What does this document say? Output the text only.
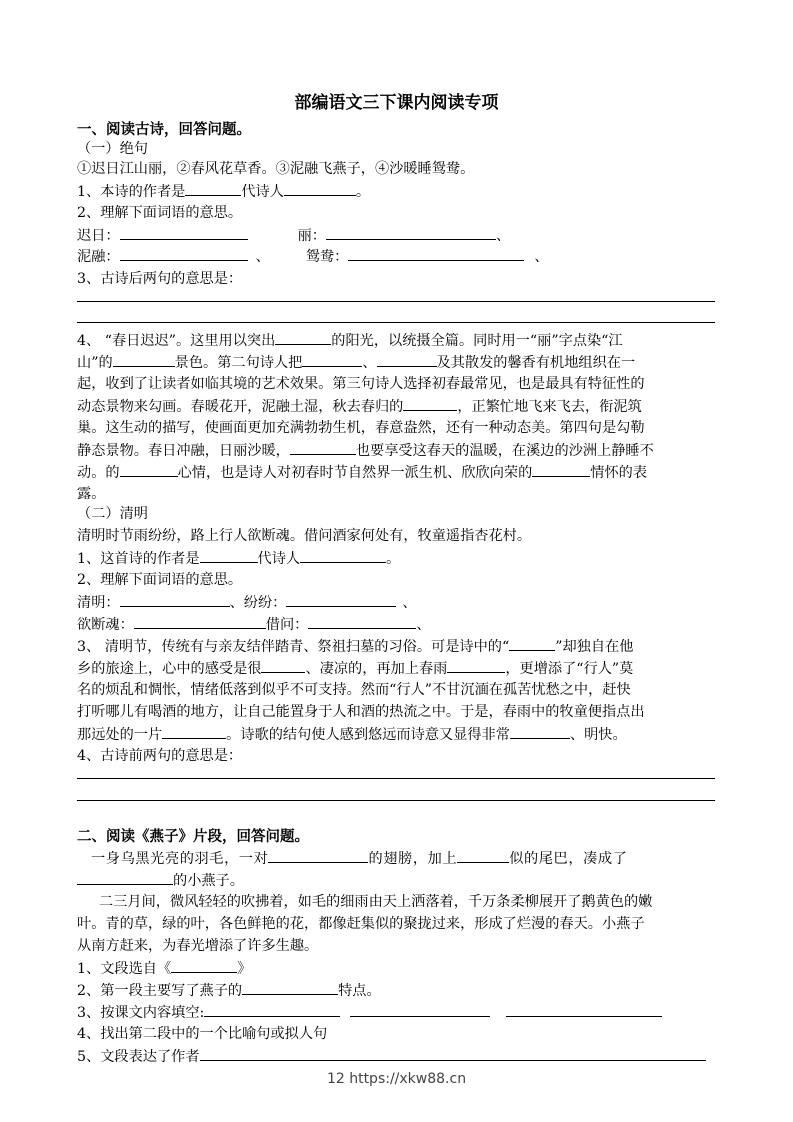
部编语文三下课内阅读专项
一、阅读古诗，回答问题。
（一）绝句
①迟日江山丽，②春风花草香。③泥融飞燕子，④沙暖睡鸳鸯。
1、本诗的作者是	代诗人	。
2、理解下面词语的意思。
迟日：	丽：	、
泥融：	、	鸳鸯：	、
3、古诗后两句的意思是：
4、 “春日迟迟”。这里用以突出	的阳光，以统摄全篇。同时用一“丽”字点染“江
山”的	景色。第二句诗人把	、	及其散发的馨香有机地组织在一
起，收到了让读者如临其境的艺术效果。第三句诗人选择初春最常见，也是最具有特征性的
动态景物来勾画。春暖花开，泥融土湿，秋去春归的	，正繁忙地飞来飞去，衔泥筑
巢。这生动的描写，使画面更加充满勃勃生机，春意盎然，还有一种动态美。第四句是勾勒
静态景物。春日冲融，日丽沙暖，	也要享受这春天的温暖，在溪边的沙洲上静睡不
动。的	心情，也是诗人对初春时节自然界一派生机、欣欣向荣的	情怀的表
露。
（二）清明
清明时节雨纷纷，路上行人欲断魂。借问酒家何处有，牧童遥指杏花村。
1、这首诗的作者是	代诗人	。
2、理解下面词语的意思。
清明：	、纷纷：	、
欲断魂：	借问：	、
3、 清明节，传统有与亲友结伴踏青、祭祖扫墓的习俗。可是诗中的“	”却独自在他
乡的旅途上，心中的感受是很	、凄凉的，再加上春雨	，更增添了“行人”莫
名的烦乱和惆怅，情绪低落到似乎不可支持。然而“行人”不甘沉湎在孤苦忧愁之中，赶快
打听哪儿有喝酒的地方，让自己能置身于人和酒的热流之中。于是，春雨中的牧童便指点出
那远处的一片	。诗歌的结句使人感到悠远而诗意又显得非常	、明快。
4、古诗前两句的意思是：
二、阅读《燕子》片段，回答问题。
一身乌黑光亮的羽毛，一对	的翅膀，加上	似的尾巴，凑成了
的小燕子。
二三月间，微风轻轻的吹拂着，如毛的细雨由天上洒落着，千万条柔柳展开了鹅黄色的嫩
叶。青的草，绿的叶，各色鲜艳的花，都像赶集似的聚拢过来，形成了烂漫的春天。小燕子
从南方赶来，为春光增添了许多生趣。
1、文段选自《	》
2、第一段主要写了燕子的	特点。
3、按课文内容填空:
4、找出第二段中的一个比喻句或拟人句
5、文段表达了作者
12 https://xkw88.cn
